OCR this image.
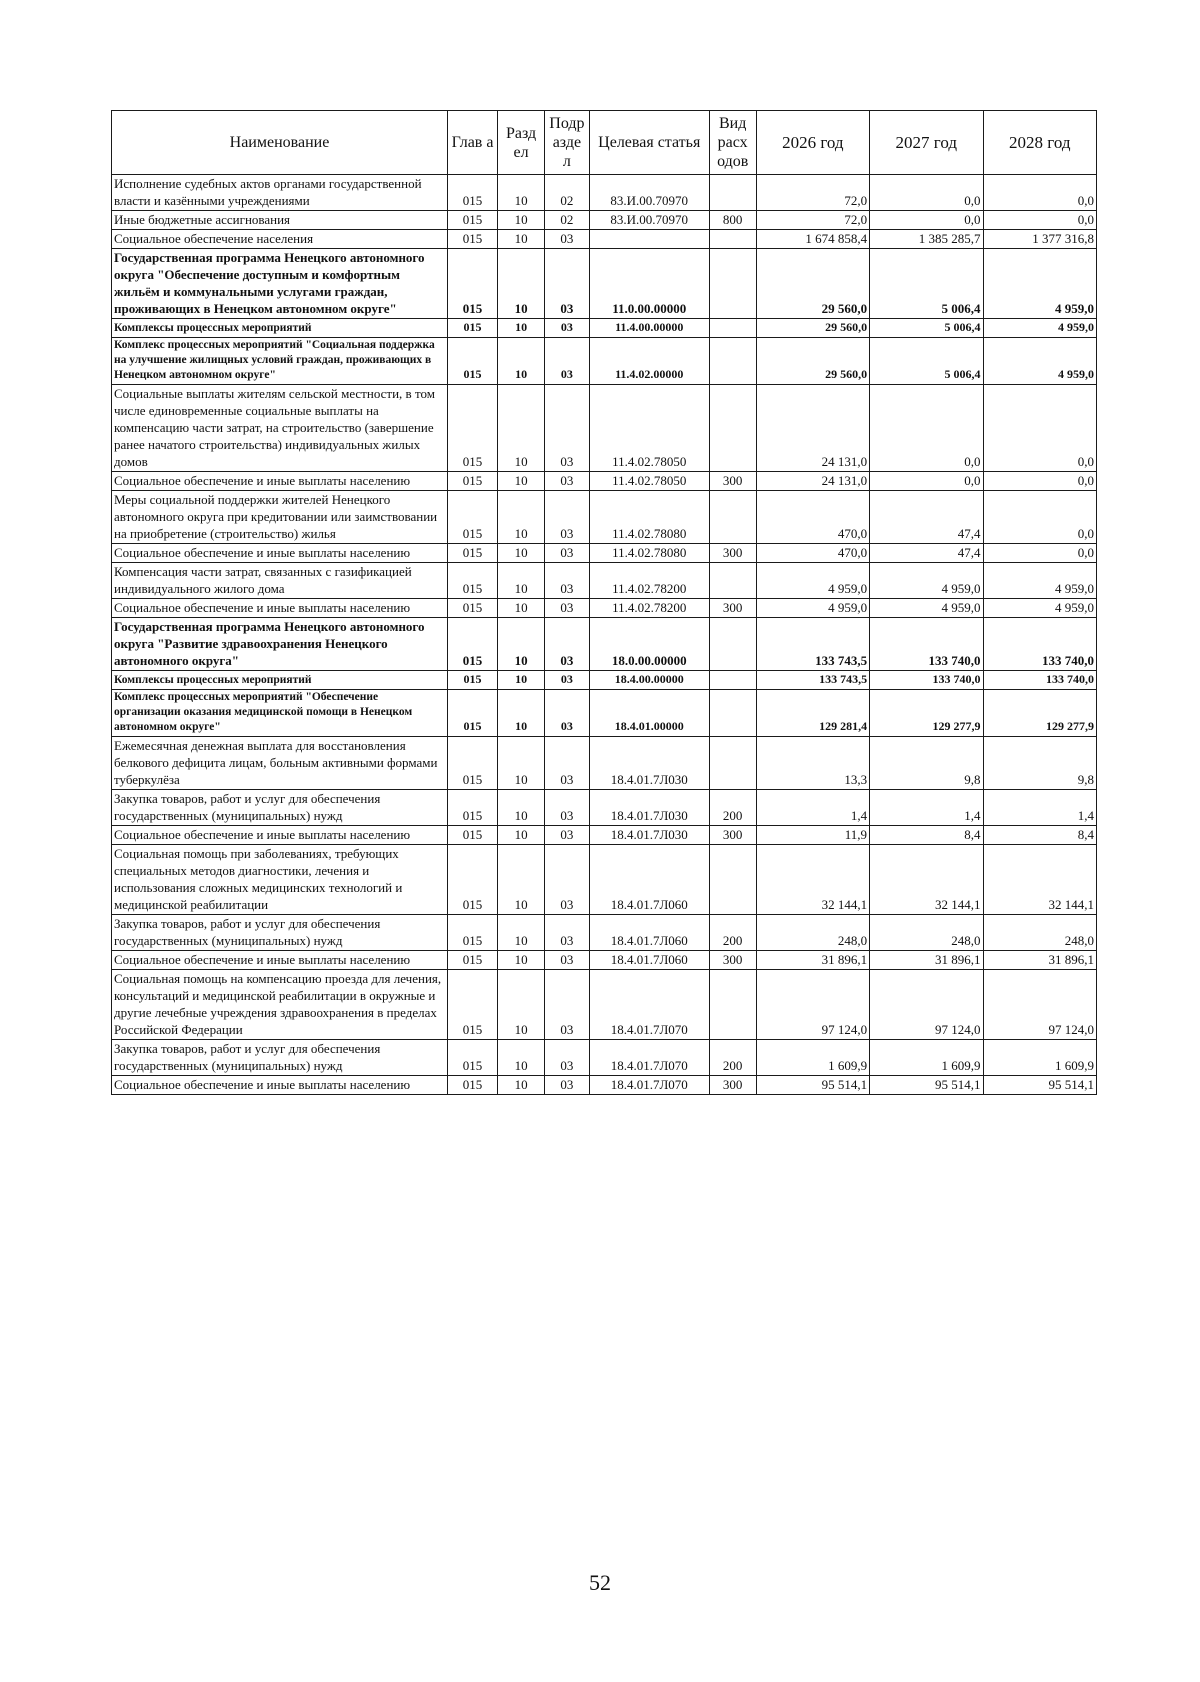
Наименование	Глав а	Разд ел	Подр азде л	Целевая статья	Вид расх одов	2026 год	2027 год	2028 год
Исполнение судебных актов органами государственной власти и казёнными учреждениями	015	10	02	83.И.00.70970		72,0	0,0	0,0
Иные бюджетные ассигнования	015	10	02	83.И.00.70970	800	72,0	0,0	0,0
Социальное обеспечение населения	015	10	03			1 674 858,4	1 385 285,7	1 377 316,8
Государственная программа Ненецкого автономного округа "Обеспечение доступным и комфортным жильём и коммунальными услугами граждан, проживающих в Ненецком автономном округе"	015	10	03	11.0.00.00000		29 560,0	5 006,4	4 959,0
Комплексы процессных мероприятий	015	10	03	11.4.00.00000		29 560,0	5 006,4	4 959,0
Комплекс процессных мероприятий "Социальная поддержка на улучшение жилищных условий граждан, проживающих в Ненецком автономном округе"	015	10	03	11.4.02.00000		29 560,0	5 006,4	4 959,0
Социальные выплаты жителям сельской местности, в том числе единовременные социальные выплаты на компенсацию части затрат, на строительство (завершение ранее начатого строительства) индивидуальных жилых домов	015	10	03	11.4.02.78050		24 131,0	0,0	0,0
Социальное обеспечение и иные выплаты населению	015	10	03	11.4.02.78050	300	24 131,0	0,0	0,0
Меры социальной поддержки жителей Ненецкого автономного округа при кредитовании или заимствовании на приобретение (строительство) жилья	015	10	03	11.4.02.78080		470,0	47,4	0,0
Социальное обеспечение и иные выплаты населению	015	10	03	11.4.02.78080	300	470,0	47,4	0,0
Компенсация части затрат, связанных с газификацией индивидуального жилого дома	015	10	03	11.4.02.78200		4 959,0	4 959,0	4 959,0
Социальное обеспечение и иные выплаты населению	015	10	03	11.4.02.78200	300	4 959,0	4 959,0	4 959,0
Государственная программа Ненецкого автономного округа "Развитие здравоохранения Ненецкого автономного округа"	015	10	03	18.0.00.00000		133 743,5	133 740,0	133 740,0
Комплексы процессных мероприятий	015	10	03	18.4.00.00000		133 743,5	133 740,0	133 740,0
Комплекс процессных мероприятий "Обеспечение организации оказания медицинской помощи в Ненецком автономном округе"	015	10	03	18.4.01.00000		129 281,4	129 277,9	129 277,9
Ежемесячная денежная выплата для восстановления белкового дефицита лицам, больным активными формами туберкулёза	015	10	03	18.4.01.7Л030		13,3	9,8	9,8
Закупка товаров, работ и услуг для обеспечения государственных (муниципальных) нужд	015	10	03	18.4.01.7Л030	200	1,4	1,4	1,4
Социальное обеспечение и иные выплаты населению	015	10	03	18.4.01.7Л030	300	11,9	8,4	8,4
Социальная помощь при заболеваниях, требующих специальных методов диагностики, лечения и использования сложных медицинских технологий и медицинской реабилитации	015	10	03	18.4.01.7Л060		32 144,1	32 144,1	32 144,1
Закупка товаров, работ и услуг для обеспечения государственных (муниципальных) нужд	015	10	03	18.4.01.7Л060	200	248,0	248,0	248,0
Социальное обеспечение и иные выплаты населению	015	10	03	18.4.01.7Л060	300	31 896,1	31 896,1	31 896,1
Социальная помощь на компенсацию проезда для лечения, консультаций и медицинской реабилитации в окружные и другие лечебные учреждения здравоохранения в пределах Российской Федерации	015	10	03	18.4.01.7Л070		97 124,0	97 124,0	97 124,0
Закупка товаров, работ и услуг для обеспечения государственных (муниципальных) нужд	015	10	03	18.4.01.7Л070	200	1 609,9	1 609,9	1 609,9
Социальное обеспечение и иные выплаты населению	015	10	03	18.4.01.7Л070	300	95 514,1	95 514,1	95 514,1
52
